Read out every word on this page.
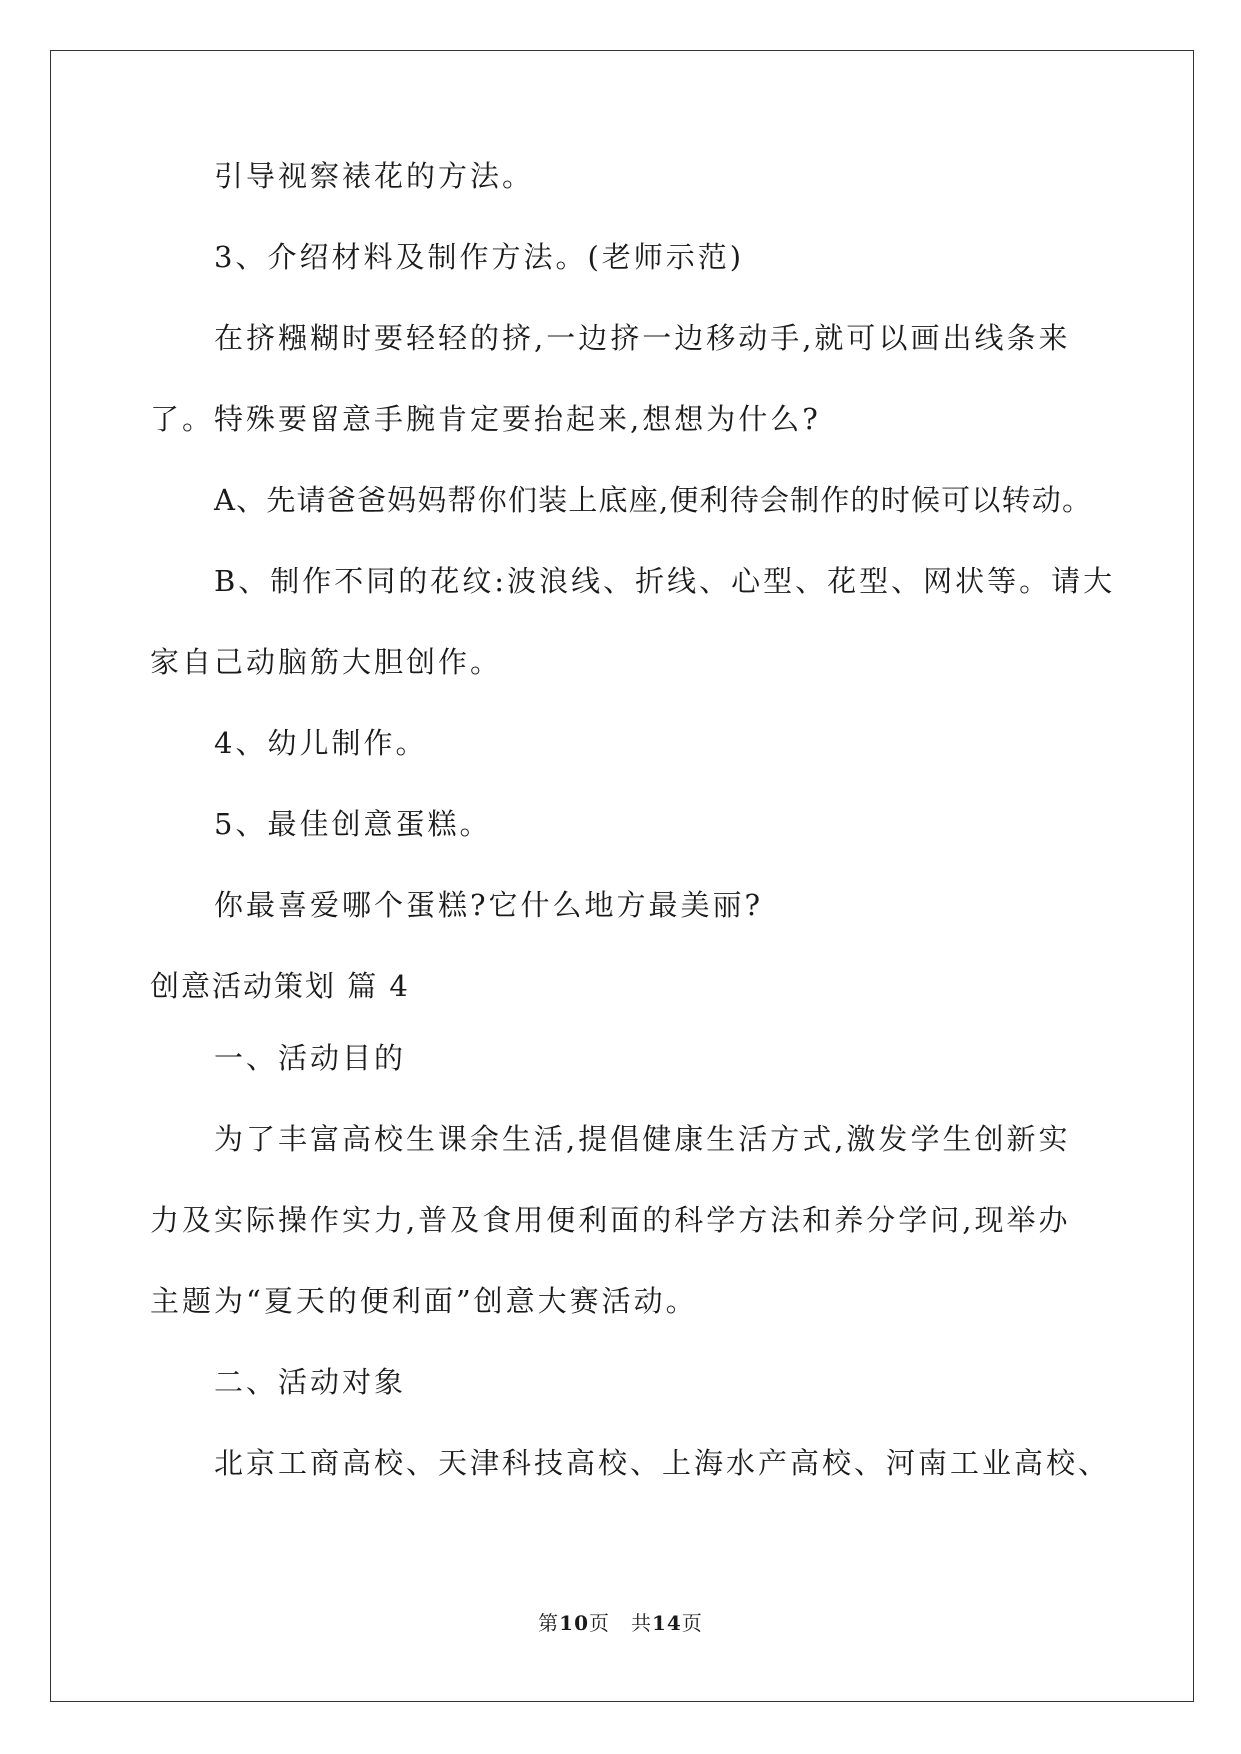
引导视察裱花的方法。

3、介绍材料及制作方法。(老师示范)

在挤糨糊时要轻轻的挤,一边挤一边移动手,就可以画出线条来

了。特殊要留意手腕肯定要抬起来,想想为什么?

A、先请爸爸妈妈帮你们装上底座,便利待会制作的时候可以转动。

B、制作不同的花纹:波浪线、折线、心型、花型、网状等。请大

家自己动脑筋大胆创作。

4、幼儿制作。

5、最佳创意蛋糕。

你最喜爱哪个蛋糕?它什么地方最美丽?

创意活动策划 篇 4

一、活动目的

为了丰富高校生课余生活,提倡健康生活方式,激发学生创新实

力及实际操作实力,普及食用便利面的科学方法和养分学问,现举办

主题为“夏天的便利面”创意大赛活动。

二、活动对象

北京工商高校、天津科技高校、上海水产高校、河南工业高校、

第10页　共14页
